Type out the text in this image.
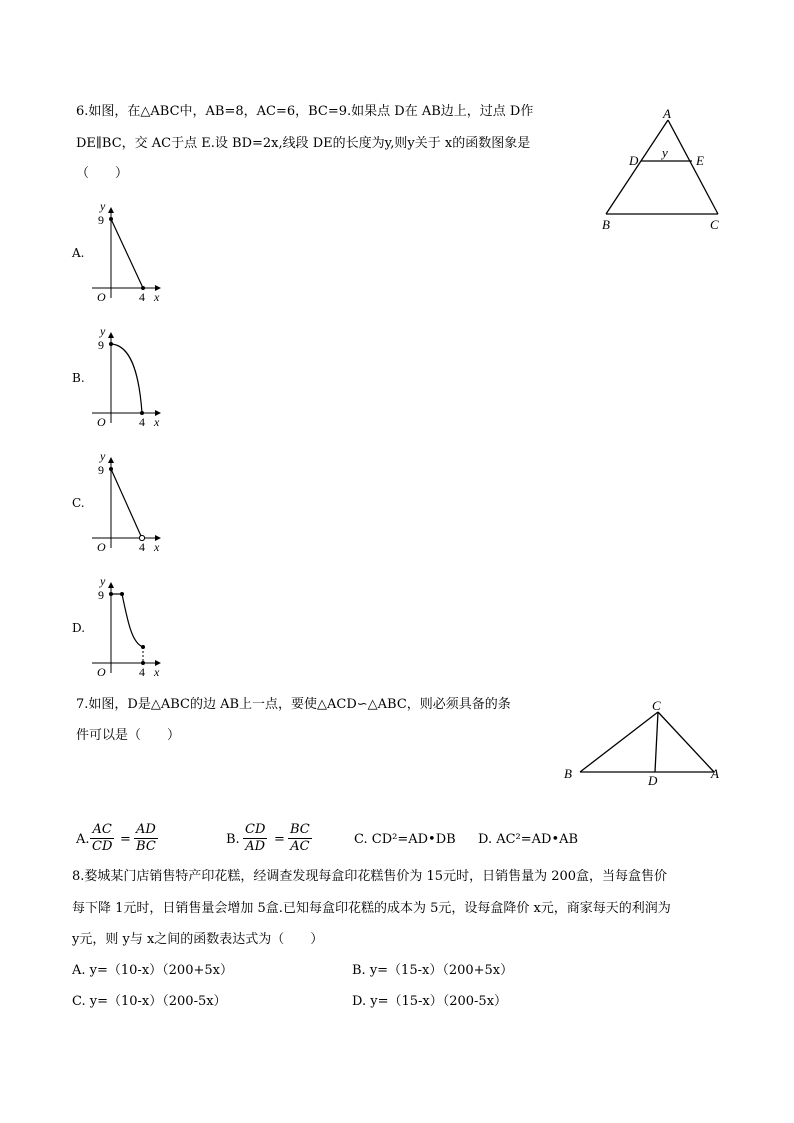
6.如图，在△ABC中，AB=8，AC=6，BC=9.如果点 D在 AB边上，过点 D作
DE∥BC，交 AC于点 E.设 BD=2x,线段 DE的长度为y,则y关于 x的函数图象是
（　　）
A
D	E
y
B	C
A.
y
9
O	4 x
B.
y
9
O	4 x
C.
y
9
O	4 x
D.
y
9
O	4 x
7.如图，D是△ABC的边 AB上一点，要使△ACD∽△ABC，则必须具备的条
件可以是（　　）
C
B	D	A
A. $\frac{AC}{CD} = \frac{AD}{BC}$	B. $\frac{CD}{AD} = \frac{BC}{AC}$	C. CD²=AD•DB D. AC²=AD•AB
8.婺城某门店销售特产印花糕，经调查发现每盒印花糕售价为 15元时，日销售量为 200盒，当每盒售价
每下降 1元时，日销售量会增加 5盒.已知每盒印花糕的成本为 5元，设每盒降价 x元，商家每天的利润为
y元，则 y与 x之间的函数表达式为（　　）
A. y=（10-x）（200+5x）	B. y=（15-x）（200+5x）
C. y=（10-x）（200-5x）	D. y=（15-x）（200-5x）
